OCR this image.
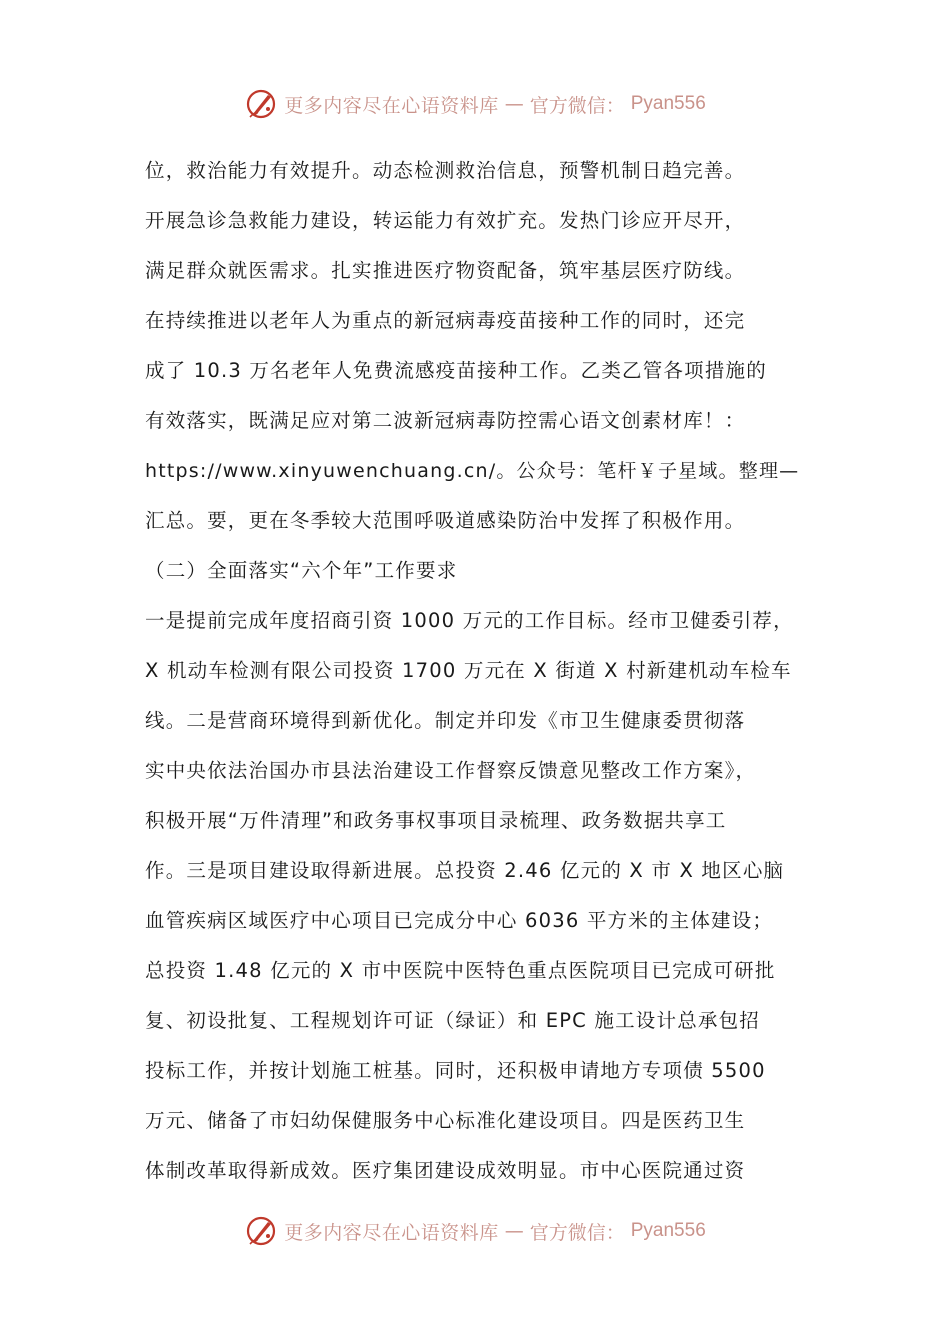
更多内容尽在心语资料库 — 官方微信： Pyan556
位，救治能力有效提升。动态检测救治信息，预警机制日趋完善。
开展急诊急救能力建设，转运能力有效扩充。发热门诊应开尽开，
满足群众就医需求。扎实推进医疗物资配备，筑牢基层医疗防线。
在持续推进以老年人为重点的新冠病毒疫苗接种工作的同时，还完
成了 10.3 万名老年人免费流感疫苗接种工作。乙类乙管各项措施的
有效落实，既满足应对第二波新冠病毒防控需心语文创素材库！：
https://www.xinyuwenchuang.cn/。公众号：笔杆￥子星域。整理—
汇总。要，更在冬季较大范围呼吸道感染防治中发挥了积极作用。
（二）全面落实“六个年”工作要求
一是提前完成年度招商引资 1000 万元的工作目标。经市卫健委引荐，
X 机动车检测有限公司投资 1700 万元在 X 街道 X 村新建机动车检车
线。二是营商环境得到新优化。制定并印发《市卫生健康委贯彻落
实中央依法治国办市县法治建设工作督察反馈意见整改工作方案》，
积极开展“万件清理”和政务事权事项目录梳理、政务数据共享工
作。三是项目建设取得新进展。总投资 2.46 亿元的 X 市 X 地区心脑
血管疾病区域医疗中心项目已完成分中心 6036 平方米的主体建设；
总投资 1.48 亿元的 X 市中医院中医特色重点医院项目已完成可研批
复、初设批复、工程规划许可证（绿证）和 EPC 施工设计总承包招
投标工作，并按计划施工桩基。同时，还积极申请地方专项债 5500
万元、储备了市妇幼保健服务中心标准化建设项目。四是医药卫生
体制改革取得新成效。医疗集团建设成效明显。市中心医院通过资
更多内容尽在心语资料库 — 官方微信： Pyan556
